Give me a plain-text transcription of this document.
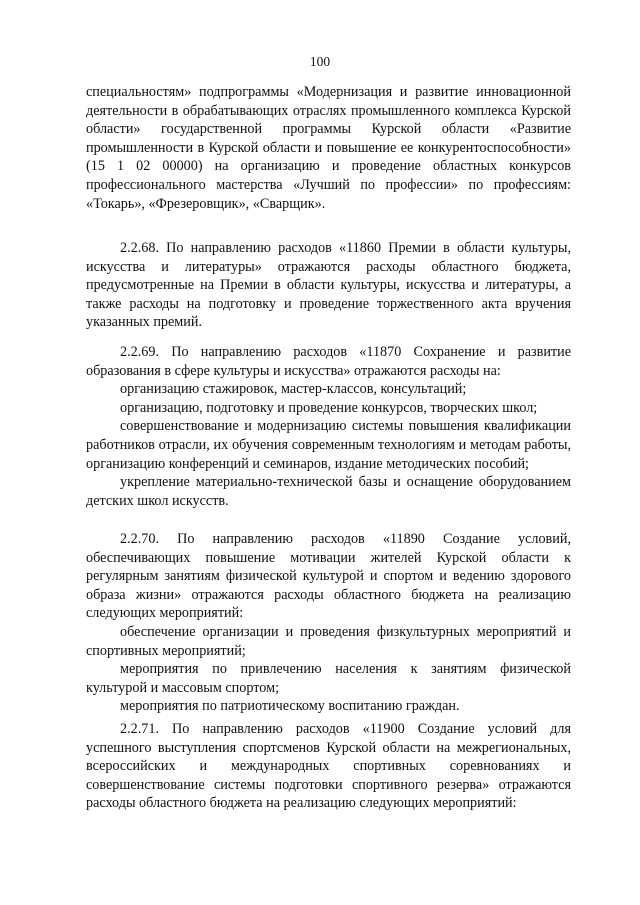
100

специальностям» подпрограммы «Модернизация и развитие инновационной деятельности в обрабатывающих отраслях промышленного комплекса Курской области» государственной программы Курской области «Развитие промышленности в Курской области и повышение ее конкурентоспособности» (15 1 02 00000) на организацию и проведение областных конкурсов профессионального мастерства «Лучший по профессии» по профессиям: «Токарь», «Фрезеровщик», «Сварщик».

2.2.68. По направлению расходов «11860 Премии в области культуры, искусства и литературы» отражаются расходы областного бюджета, предусмотренные на Премии в области культуры, искусства и литературы, а также расходы на подготовку и проведение торжественного акта вручения указанных премий.

2.2.69. По направлению расходов «11870 Сохранение и развитие образования в сфере культуры и искусства» отражаются расходы на:

организацию стажировок, мастер-классов, консультаций;

организацию, подготовку и проведение конкурсов, творческих школ;

совершенствование и модернизацию системы повышения квалификации работников отрасли, их обучения современным технологиям и методам работы, организацию конференций и семинаров, издание методических пособий;

укрепление материально-технической базы и оснащение оборудованием детских школ искусств.

2.2.70. По направлению расходов «11890 Создание условий, обеспечивающих повышение мотивации жителей Курской области к регулярным занятиям физической культурой и спортом и ведению здорового образа жизни» отражаются расходы областного бюджета на реализацию следующих мероприятий:

обеспечение организации и проведения физкультурных мероприятий и спортивных мероприятий;

мероприятия по привлечению населения к занятиям физической культурой и массовым спортом;

мероприятия по патриотическому воспитанию граждан.

2.2.71. По направлению расходов «11900 Создание условий для успешного выступления спортсменов Курской области на межрегиональных, всероссийских и международных спортивных соревнованиях и совершенствование системы подготовки спортивного резерва» отражаются расходы областного бюджета на реализацию следующих мероприятий:
